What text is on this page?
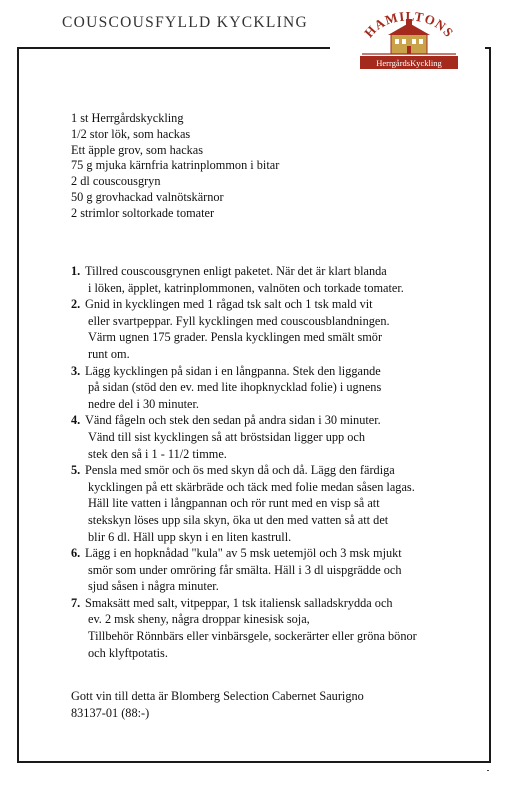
COUSCOUSFYLLD KYCKLING	HAMILTONS
HerrgårdsKyckling
1 st Herrgårdskyckling
1/2 stor lök, som hackas
Ett äpple grov, som hackas
75 g mjuka kärnfria katrinplommon i bitar
2 dl couscousgryn
50 g grovhackad valnötskärnor
2 strimlor soltorkade tomater
1. Tillred couscousgrynen enligt paketet. När det är klart blanda
i löken, äpplet, katrinplommonen, valnöten och torkade tomater.
2. Gnid in kycklingen med 1 rågad tsk salt och 1 tsk mald vit
eller svartpeppar. Fyll kycklingen med couscousblandningen.
Värm ugnen 175 grader. Pensla kycklingen med smält smör
runt om.
3. Lägg kycklingen på sidan i en långpanna. Stek den liggande
på sidan (stöd den ev. med lite ihopknycklad folie) i ugnens
nedre del i 30 minuter.
4. Vänd fågeln och stek den sedan på andra sidan i 30 minuter.
Vänd till sist kycklingen så att bröstsidan ligger upp och
stek den så i 1 - 11/2 timme.
5. Pensla med smör och ös med skyn då och då. Lägg den färdiga
kycklingen på ett skärbräde och täck med folie medan såsen lagas.
Häll lite vatten i långpannan och rör runt med en visp så att
stekskyn löses upp sila skyn, öka ut den med vatten så att det
blir 6 dl. Häll upp skyn i en liten kastrull.
6. Lägg i en hopknådad "kula" av 5 msk uetemjöl och 3 msk mjukt
smör som under omröring får smälta. Häll i 3 dl uispgrädde och
sjud såsen i några minuter.
7. Smaksätt med salt, vitpeppar, 1 tsk italiensk salladskrydda och
ev. 2 msk sheny, några droppar kinesisk soja,
Tillbehör Rönnbärs eller vinbärsgele, sockerärter eller gröna bönor
och klyftpotatis.
Gott vin till detta är Blomberg Selection Cabernet Saurigno
83137-01 (88:-)
